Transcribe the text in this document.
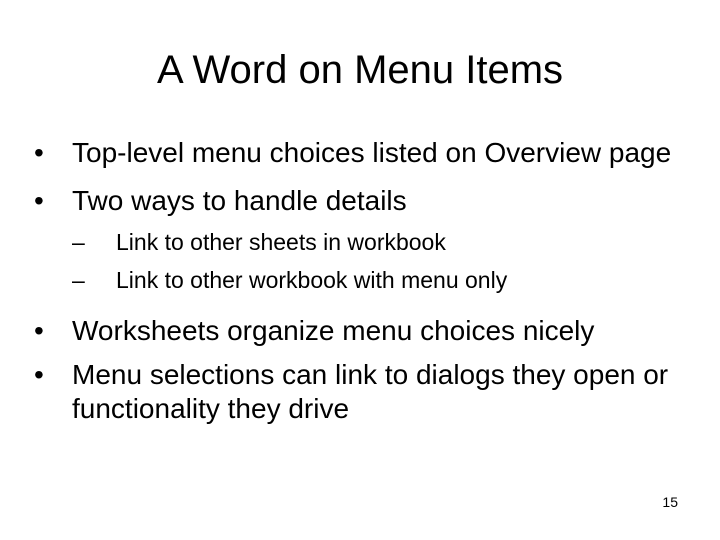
A Word on Menu Items
•	Top-level menu choices listed on Overview page
•	Two ways to handle details
–	Link to other sheets in workbook
–	Link to other workbook with menu only
•	Worksheets organize menu choices nicely
•	Menu selections can link to dialogs they open or functionality they drive
15
